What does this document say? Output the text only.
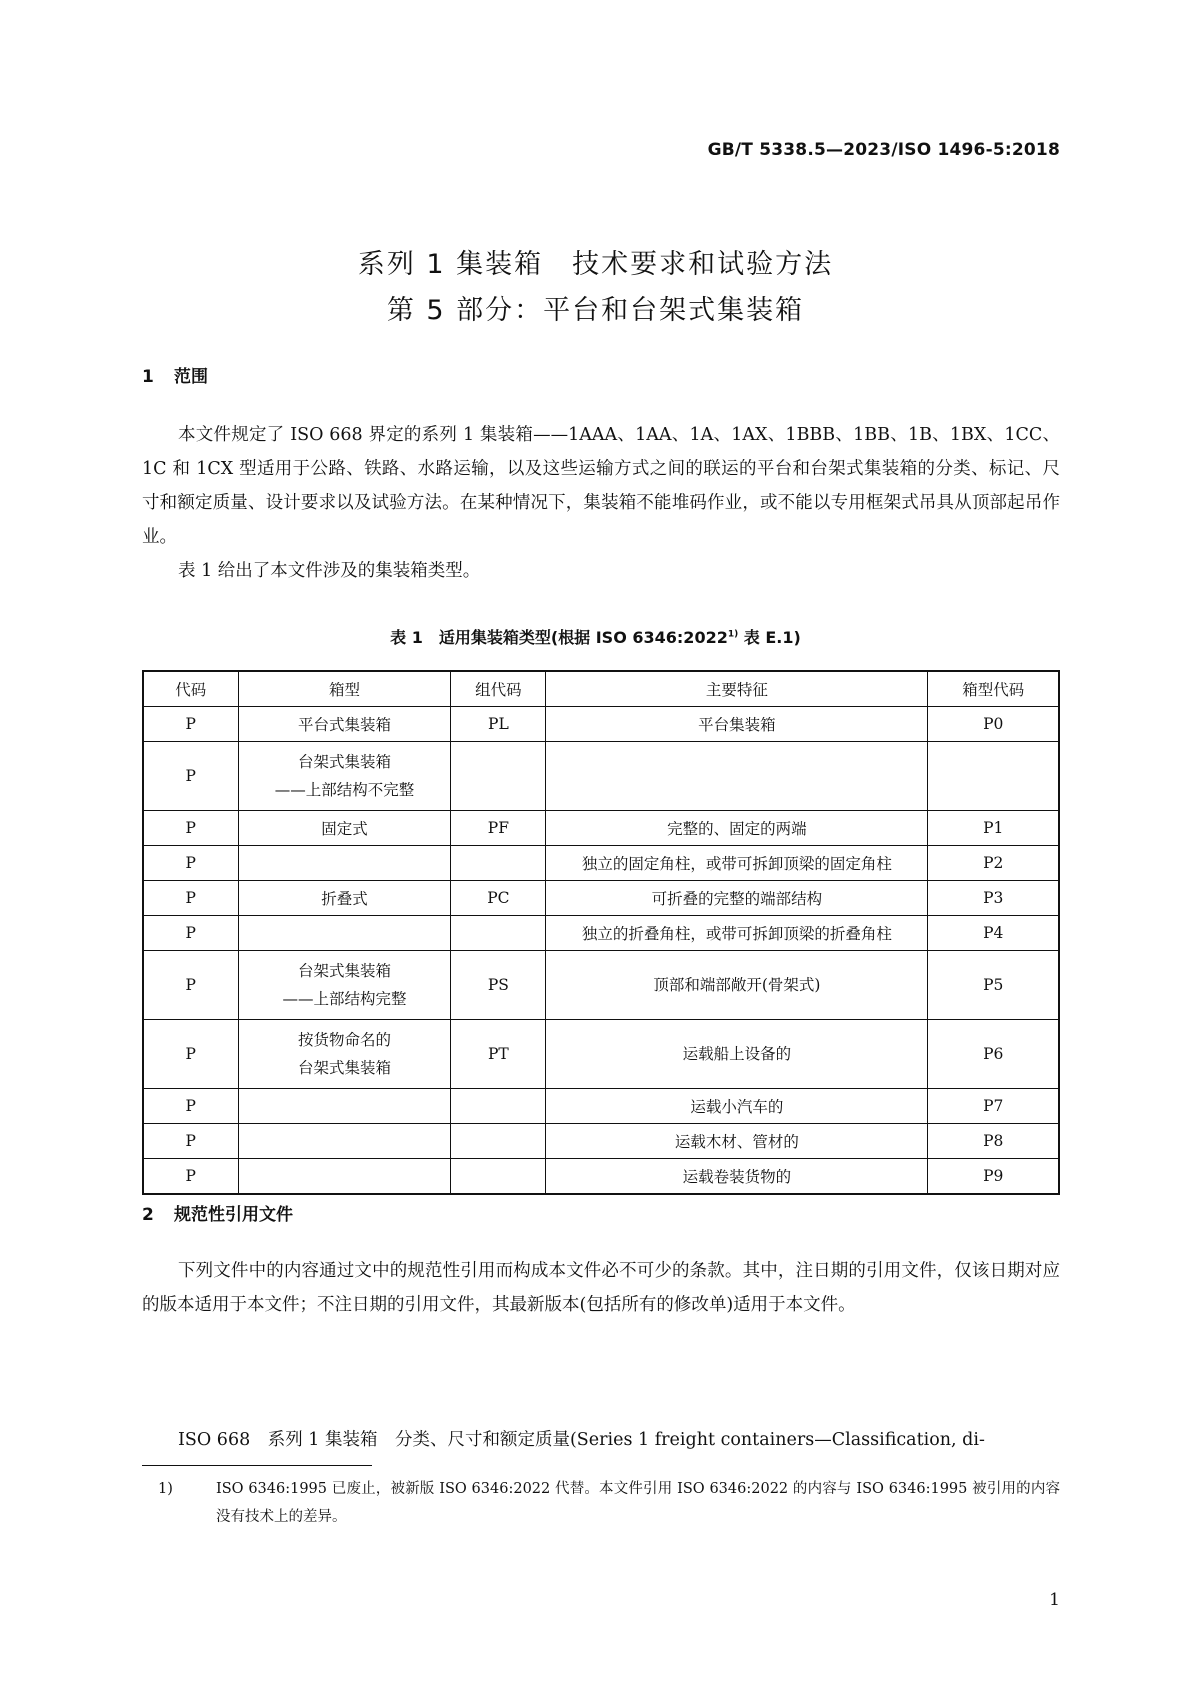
GB/T 5338.5—2023/ISO 1496-5:2018
系列 1 集装箱　技术要求和试验方法
第 5 部分：平台和台架式集装箱
1 范围

本文件规定了 ISO 668 界定的系列 1 集装箱——1AAA、1AA、1A、1AX、1BBB、1BB、1B、1BX、1CC、1C 和 1CX 型适用于公路、铁路、水路运输，以及这些运输方式之间的联运的平台和台架式集装箱的分类、标记、尺寸和额定质量、设计要求以及试验方法。在某种情况下，集装箱不能堆码作业，或不能以专用框架式吊具从顶部起吊作业。

表 1 给出了本文件涉及的集装箱类型。

表 1　适用集装箱类型(根据 ISO 6346:2022$^{1)}$ 表 E.1)
代码	箱型	组代码	主要特征	箱型代码
P	平台式集装箱	PL	平台集装箱	P0
P	台架式集装箱
——上部结构不完整			

P	固定式	PF	完整的、固定的两端	P1
P			独立的固定角柱，或带可拆卸顶梁的固定角柱	P2
P	折叠式	PC	可折叠的完整的端部结构	P3
P			独立的折叠角柱，或带可拆卸顶梁的折叠角柱	P4
P	台架式集装箱
——上部结构完整	PS	顶部和端部敞开(骨架式)	P5
P	按货物命名的
台架式集装箱	PT	运载船上设备的	P6
P			运载小汽车的	P7
P			运载木材、管材的	P8
P			运载卷装货物的	P9
2 规范性引用文件

下列文件中的内容通过文中的规范性引用而构成本文件必不可少的条款。其中，注日期的引用文件，仅该日期对应的版本适用于本文件；不注日期的引用文件，其最新版本(包括所有的修改单)适用于本文件。

ISO 668　系列 1 集装箱　分类、尺寸和额定质量(Series 1 freight containers—Classification, di-
1)	ISO 6346:1995 已废止，被新版 ISO 6346:2022 代替。本文件引用 ISO 6346:2022 的内容与 ISO 6346:1995 被引用的内容没有技术上的差异。
1
